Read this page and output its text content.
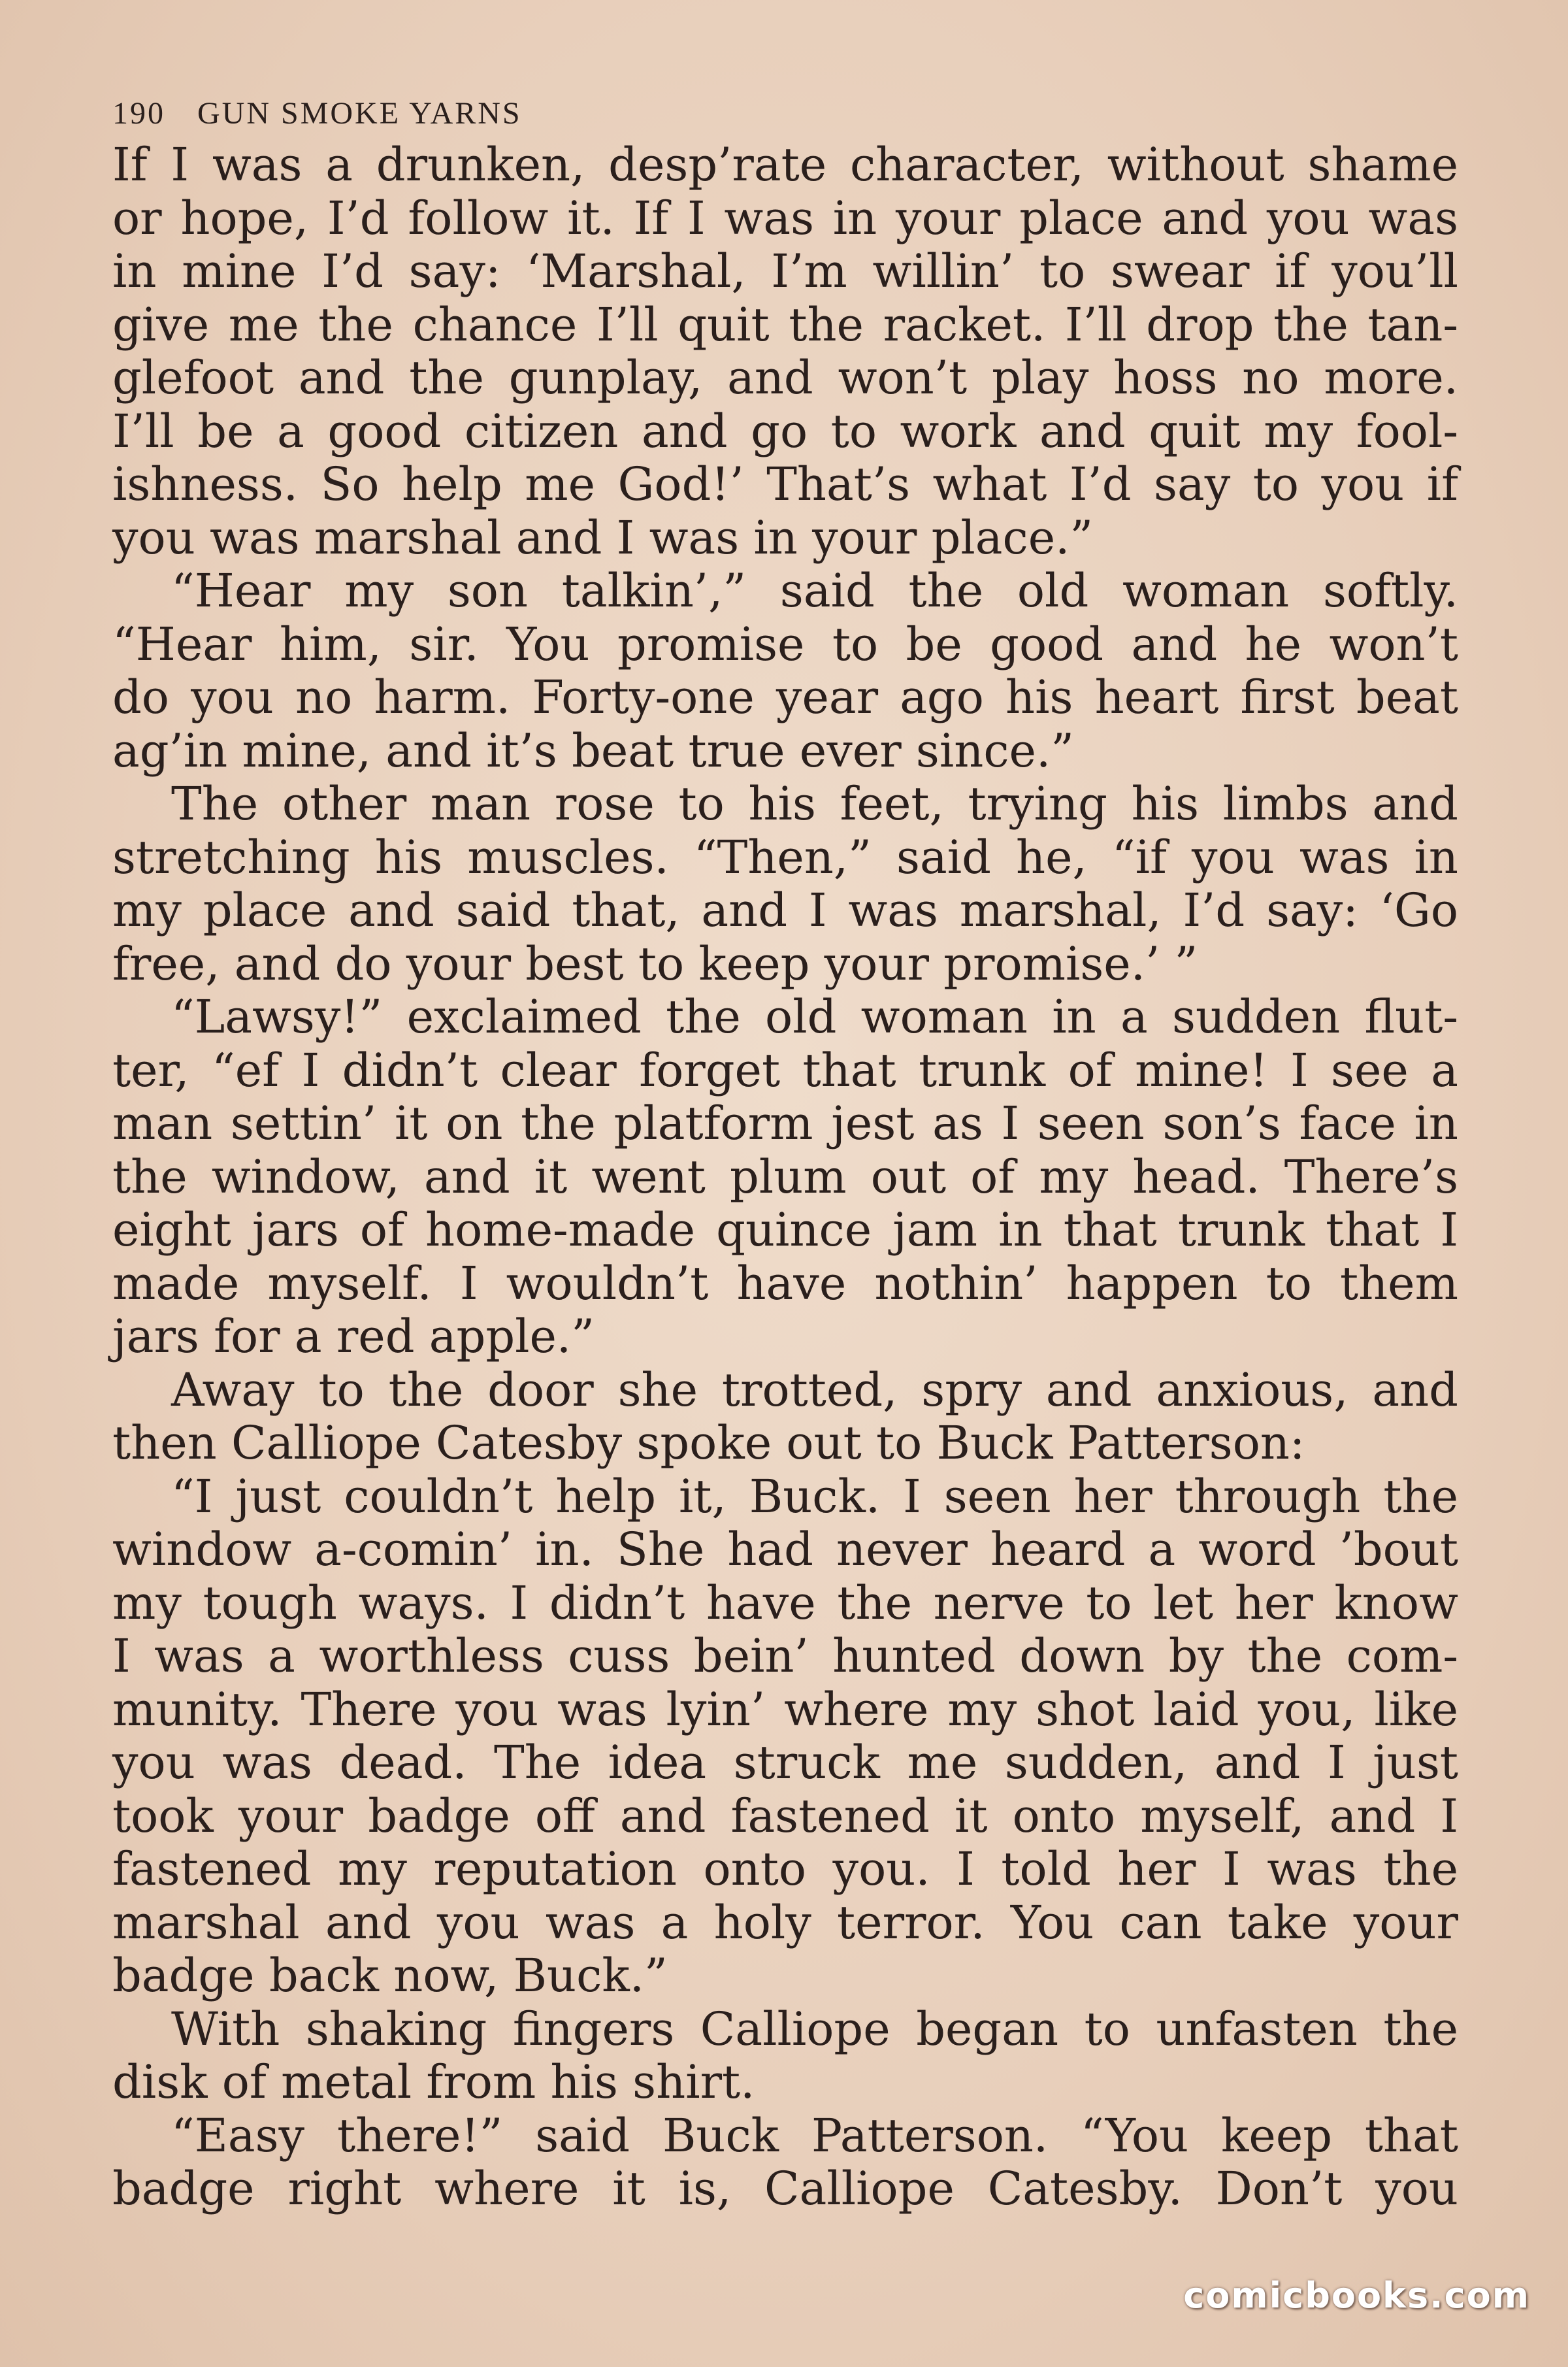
190 GUN SMOKE YARNS
If I was a drunken, desp’rate character, without shame
or hope, I’d follow it. If I was in your place and you was
in mine I’d say: ‘Marshal, I’m willin’ to swear if you’ll
give me the chance I’ll quit the racket. I’ll drop the tan-
glefoot and the gunplay, and won’t play hoss no more.
I’ll be a good citizen and go to work and quit my fool-
ishness. So help me God!’ That’s what I’d say to you if
you was marshal and I was in your place.”
“Hear my son talkin’,” said the old woman softly.
“Hear him, sir. You promise to be good and he won’t
do you no harm. Forty-one year ago his heart first beat
ag’in mine, and it’s beat true ever since.”
The other man rose to his feet, trying his limbs and
stretching his muscles. “Then,” said he, “if you was in
my place and said that, and I was marshal, I’d say: ‘Go
free, and do your best to keep your promise.’ ”
“Lawsy!” exclaimed the old woman in a sudden flut-
ter, “ef I didn’t clear forget that trunk of mine! I see a
man settin’ it on the platform jest as I seen son’s face in
the window, and it went plum out of my head. There’s
eight jars of home-made quince jam in that trunk that I
made myself. I wouldn’t have nothin’ happen to them
jars for a red apple.”
Away to the door she trotted, spry and anxious, and
then Calliope Catesby spoke out to Buck Patterson:
“I just couldn’t help it, Buck. I seen her through the
window a-comin’ in. She had never heard a word ’bout
my tough ways. I didn’t have the nerve to let her know
I was a worthless cuss bein’ hunted down by the com-
munity. There you was lyin’ where my shot laid you, like
you was dead. The idea struck me sudden, and I just
took your badge off and fastened it onto myself, and I
fastened my reputation onto you. I told her I was the
marshal and you was a holy terror. You can take your
badge back now, Buck.”
With shaking fingers Calliope began to unfasten the
disk of metal from his shirt.
“Easy there!” said Buck Patterson. “You keep that
badge right where it is, Calliope Catesby. Don’t you
comicbooks.com
